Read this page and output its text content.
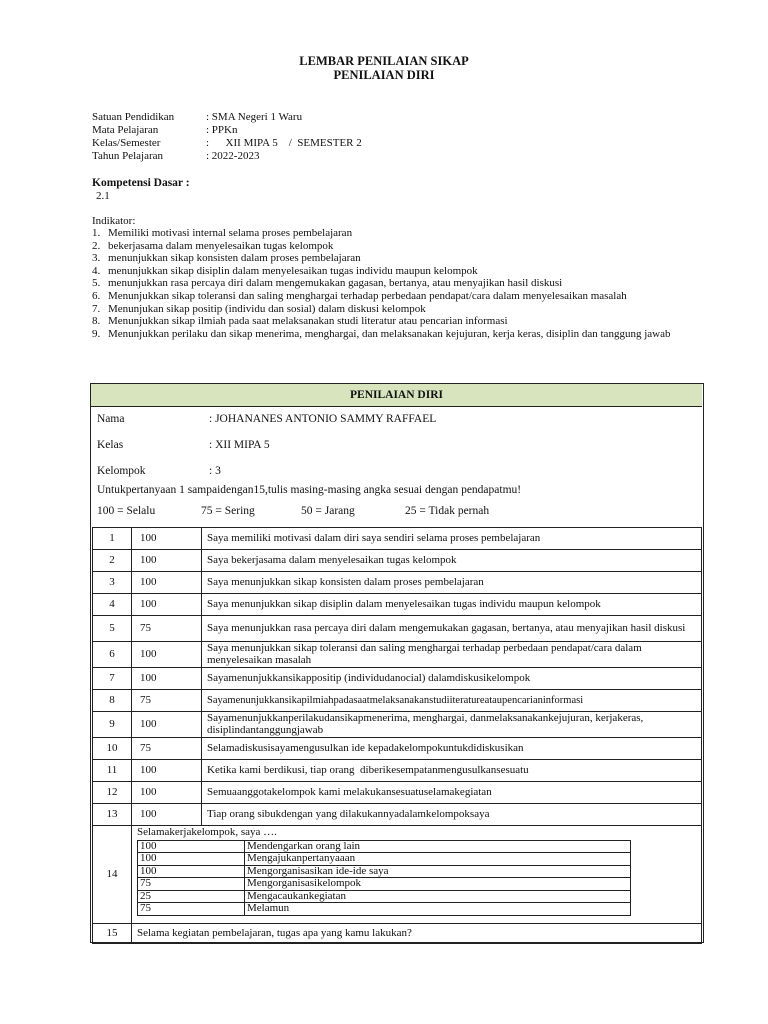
LEMBAR PENILAIAN SIKAP
PENILAIAN DIRI
Satuan Pendidikan	: SMA Negeri 1 Waru
Mata Pelajaran	: PPKn
Kelas/Semester	:      XII MIPA 5    /  SEMESTER 2
Tahun Pelajaran	: 2022-2023
Kompetensi Dasar :
2.1
Indikator:
1. Memiliki motivasi internal selama proses pembelajaran
2. bekerjasama dalam menyelesaikan tugas kelompok
3. menunjukkan sikap konsisten dalam proses pembelajaran
4. menunjukkan sikap disiplin dalam menyelesaikan tugas individu maupun kelompok
5. menunjukkan rasa percaya diri dalam mengemukakan gagasan, bertanya, atau menyajikan hasil diskusi
6. Menunjukkan sikap toleransi dan saling menghargai terhadap perbedaan pendapat/cara dalam menyelesaikan masalah
7. Menunjukan sikap positip (individu dan sosial) dalam diskusi kelompok
8. Menunjukkan sikap ilmiah pada saat melaksanakan studi literatur atau pencarian informasi
9. Menunjukkan perilaku dan sikap menerima, menghargai, dan melaksanakan kejujuran, kerja keras, disiplin dan tanggung jawab
PENILAIAN DIRI
Nama	: JOHANANES ANTONIO SAMMY RAFFAEL
Kelas	: XII MIPA 5
Kelompok	: 3
Untukpertanyaan 1 sampaidengan15,tulis masing-masing angka sesuai dengan pendapatmu!
100 = Selalu	75 = Sering	50 = Jarang	25 = Tidak pernah
1	100	Saya memiliki motivasi dalam diri saya sendiri selama proses pembelajaran
2	100	Saya bekerjasama dalam menyelesaikan tugas kelompok
3	100	Saya menunjukkan sikap konsisten dalam proses pembelajaran
4	100	Saya menunjukkan sikap disiplin dalam menyelesaikan tugas individu maupun kelompok
5	75	Saya menunjukkan rasa percaya diri dalam mengemukakan gagasan, bertanya, atau menyajikan hasil diskusi
6	100	Saya menunjukkan sikap toleransi dan saling menghargai terhadap perbedaan pendapat/cara dalam menyelesaikan masalah
7	100	Sayamenunjukkansikappositip (individudanocial) dalamdiskusikelompok
8	75	Sayamenunjukkansikapilmiahpadasaatmelaksanakanstudiiteratureataupencarianinformasi
9	100	Sayamenunjukkanperilakudansikapmenerima, menghargai, danmelaksanakankejujuran, kerjakeras, disiplindantanggungjawab
10	75	Selamadiskusisayamengusulkan ide kepadakelompokuntukdidiskusikan
11	100	Ketika kami berdikusi, tiap orang  diberikesempatanmengusulkansesuatu
12	100	Semuaanggotakelompok kami melakukansesuatuselamakegiatan
13	100	Tiap orang sibukdengan yang dilakukannyadalamkelompoksaya
14	
Selamakerjakelompok, saya ….
100	Mendengarkan orang lain
100	Mengajukanpertanyaaan
100	Mengorganisasikan ide-ide saya
75	Mengorganisasikelompok
25	Mengacaukankegiatan
75	Melamun

15	Selama kegiatan pembelajaran, tugas apa yang kamu lakukan?
